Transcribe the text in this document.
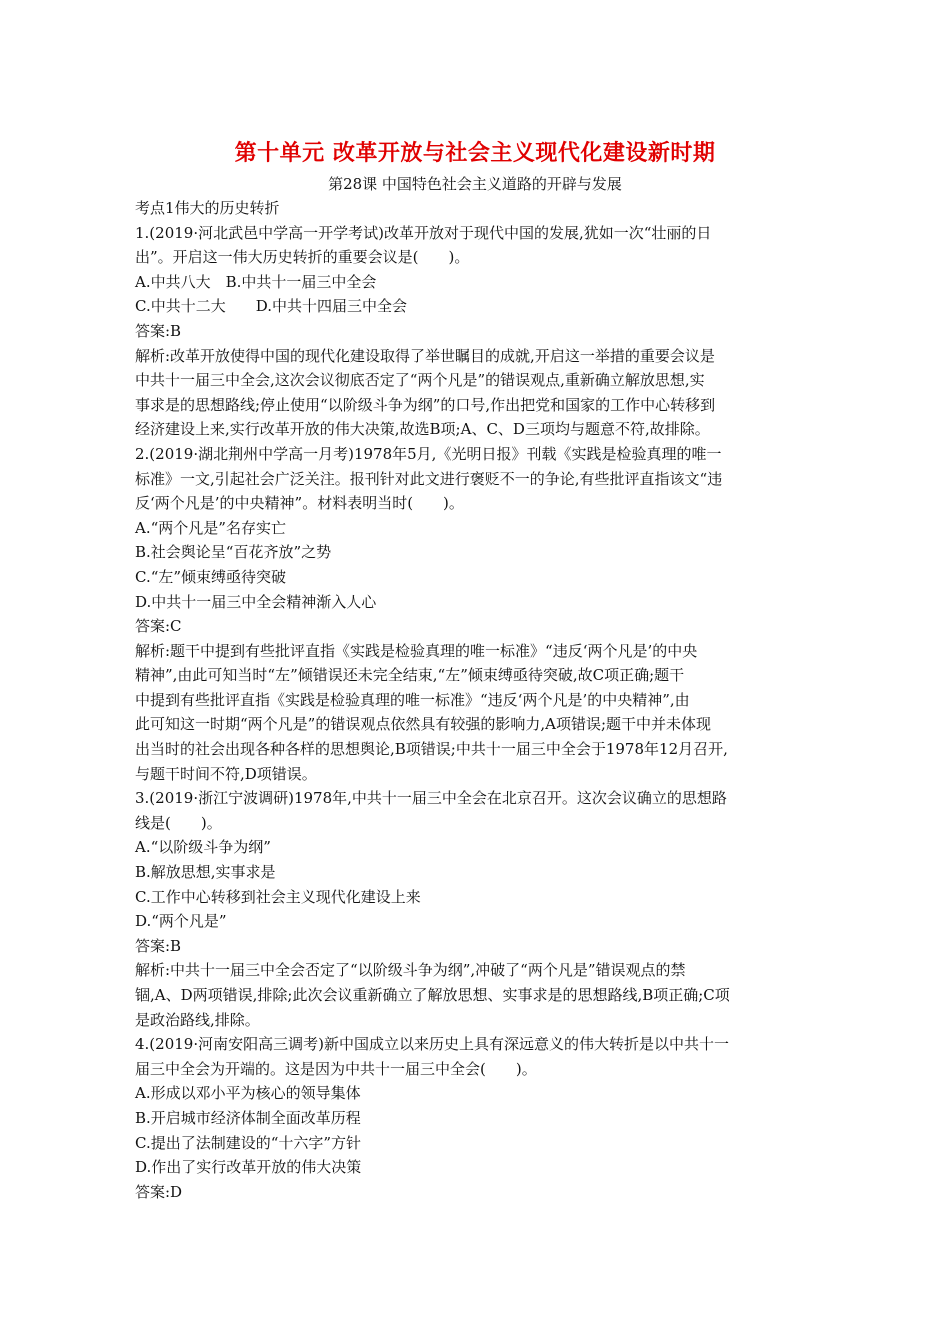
第十单元 改革开放与社会主义现代化建设新时期
第28课 中国特色社会主义道路的开辟与发展
考点1伟大的历史转折
1.(2019·河北武邑中学高一开学考试)改革开放对于现代中国的发展,犹如一次“壮丽的日
出”。开启这一伟大历史转折的重要会议是(　　)。
A.中共八大　B.中共十一届三中全会
C.中共十二大　　D.中共十四届三中全会
答案:B
解析:改革开放使得中国的现代化建设取得了举世瞩目的成就,开启这一举措的重要会议是
中共十一届三中全会,这次会议彻底否定了“两个凡是”的错误观点,重新确立解放思想,实
事求是的思想路线;停止使用“以阶级斗争为纲”的口号,作出把党和国家的工作中心转移到
经济建设上来,实行改革开放的伟大决策,故选B项;A、C、D三项均与题意不符,故排除。
2.(2019·湖北荆州中学高一月考)1978年5月,《光明日报》刊载《实践是检验真理的唯一
标准》一文,引起社会广泛关注。报刊针对此文进行褒贬不一的争论,有些批评直指该文“违
反‘两个凡是’的中央精神”。材料表明当时(　　)。
A.“两个凡是”名存实亡
B.社会舆论呈“百花齐放”之势
C.“左”倾束缚亟待突破
D.中共十一届三中全会精神渐入人心
答案:C
解析:题干中提到有些批评直指《实践是检验真理的唯一标准》“违反‘两个凡是’的中央
精神”,由此可知当时“左”倾错误还未完全结束,“左”倾束缚亟待突破,故C项正确;题干
中提到有些批评直指《实践是检验真理的唯一标准》“违反‘两个凡是’的中央精神”,由
此可知这一时期“两个凡是”的错误观点依然具有较强的影响力,A项错误;题干中并未体现
出当时的社会出现各种各样的思想舆论,B项错误;中共十一届三中全会于1978年12月召开,
与题干时间不符,D项错误。
3.(2019·浙江宁波调研)1978年,中共十一届三中全会在北京召开。这次会议确立的思想路
线是(　　)。
A.“以阶级斗争为纲”
B.解放思想,实事求是
C.工作中心转移到社会主义现代化建设上来
D.“两个凡是”
答案:B
解析:中共十一届三中全会否定了“以阶级斗争为纲”,冲破了“两个凡是”错误观点的禁
锢,A、D两项错误,排除;此次会议重新确立了解放思想、实事求是的思想路线,B项正确;C项
是政治路线,排除。
4.(2019·河南安阳高三调考)新中国成立以来历史上具有深远意义的伟大转折是以中共十一
届三中全会为开端的。这是因为中共十一届三中全会(　　)。
A.形成以邓小平为核心的领导集体
B.开启城市经济体制全面改革历程
C.提出了法制建设的“十六字”方针
D.作出了实行改革开放的伟大决策
答案:D
